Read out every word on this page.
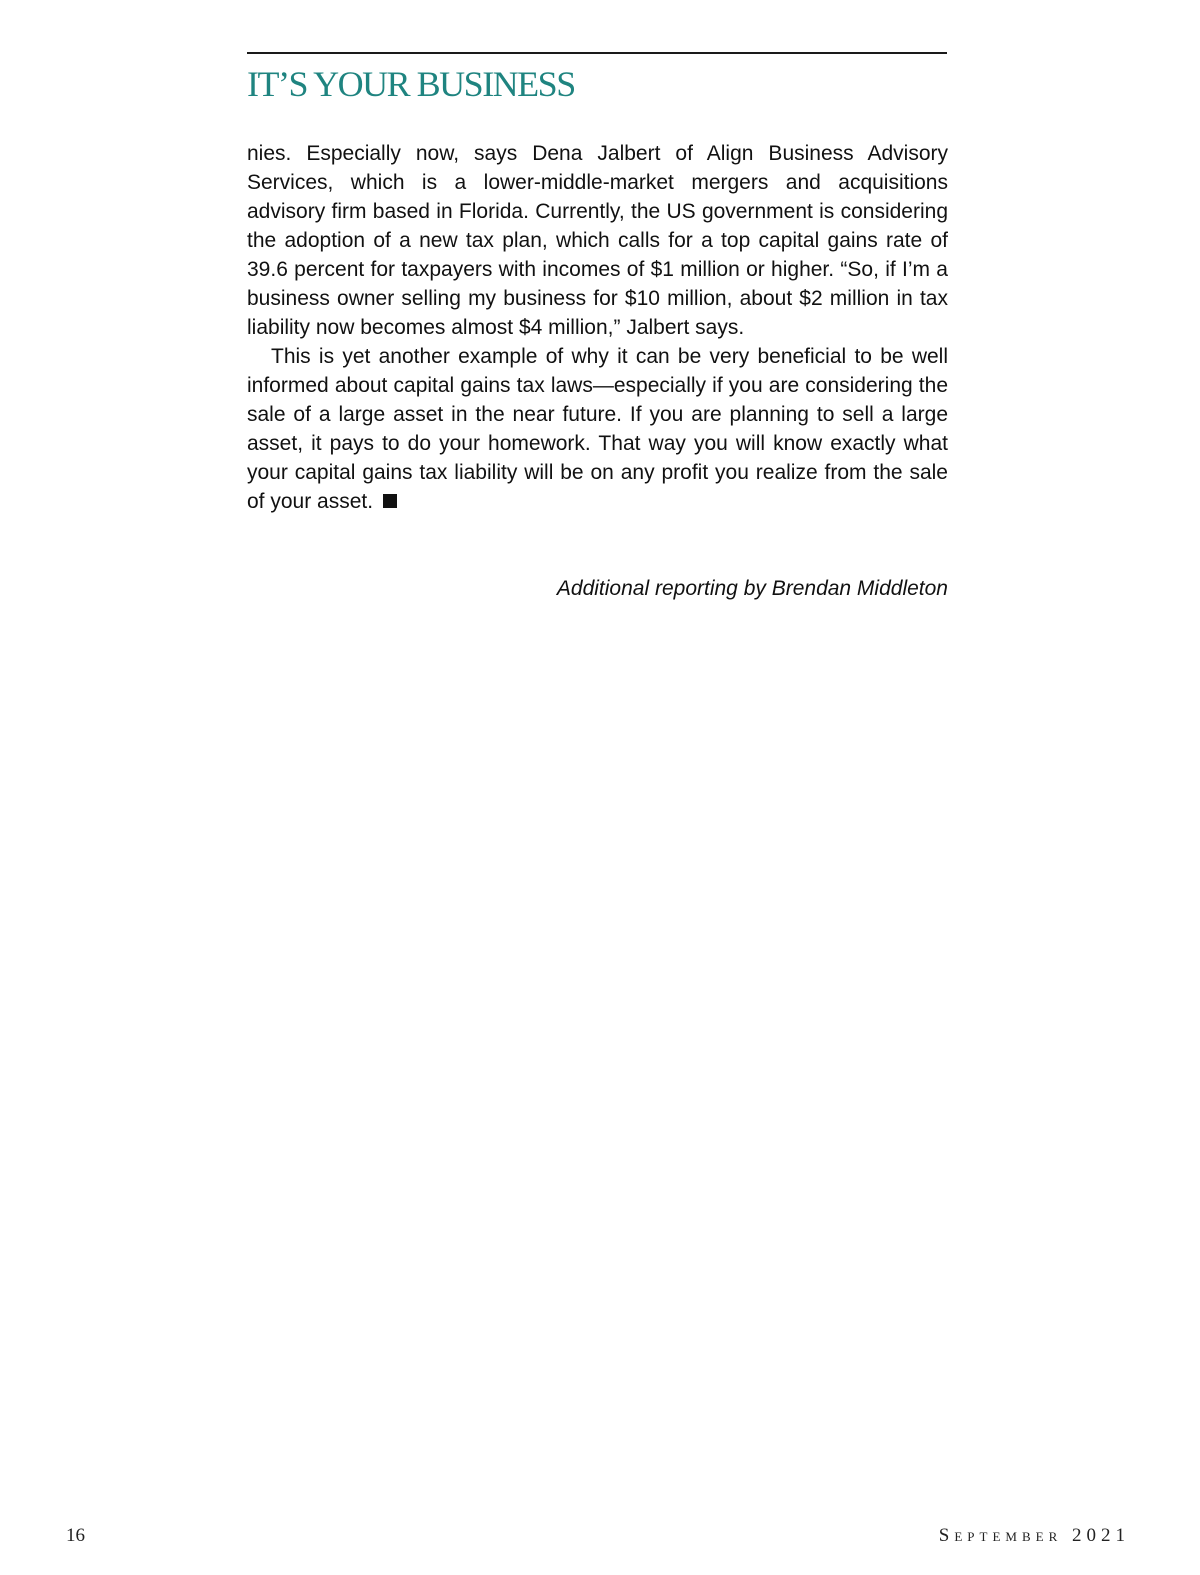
IT’S YOUR BUSINESS

nies. Especially now, says Dena Jalbert of Align Business Advisory Services, which is a lower-middle-market mergers and acquisitions advisory firm based in Florida. Currently, the US government is considering the adoption of a new tax plan, which calls for a top capital gains rate of 39.6 percent for taxpayers with incomes of $1 million or higher. “So, if I’m a business owner selling my business for $10 million, about $2 million in tax liability now becomes almost $4 million,” Jalbert says.

This is yet another example of why it can be very beneficial to be well informed about capital gains tax laws—especially if you are considering the sale of a large asset in the near future. If you are planning to sell a large asset, it pays to do your homework. That way you will know exactly what your capital gains tax liability will be on any profit you realize from the sale of your asset.

Additional reporting by Brendan Middleton
16	September 2021
